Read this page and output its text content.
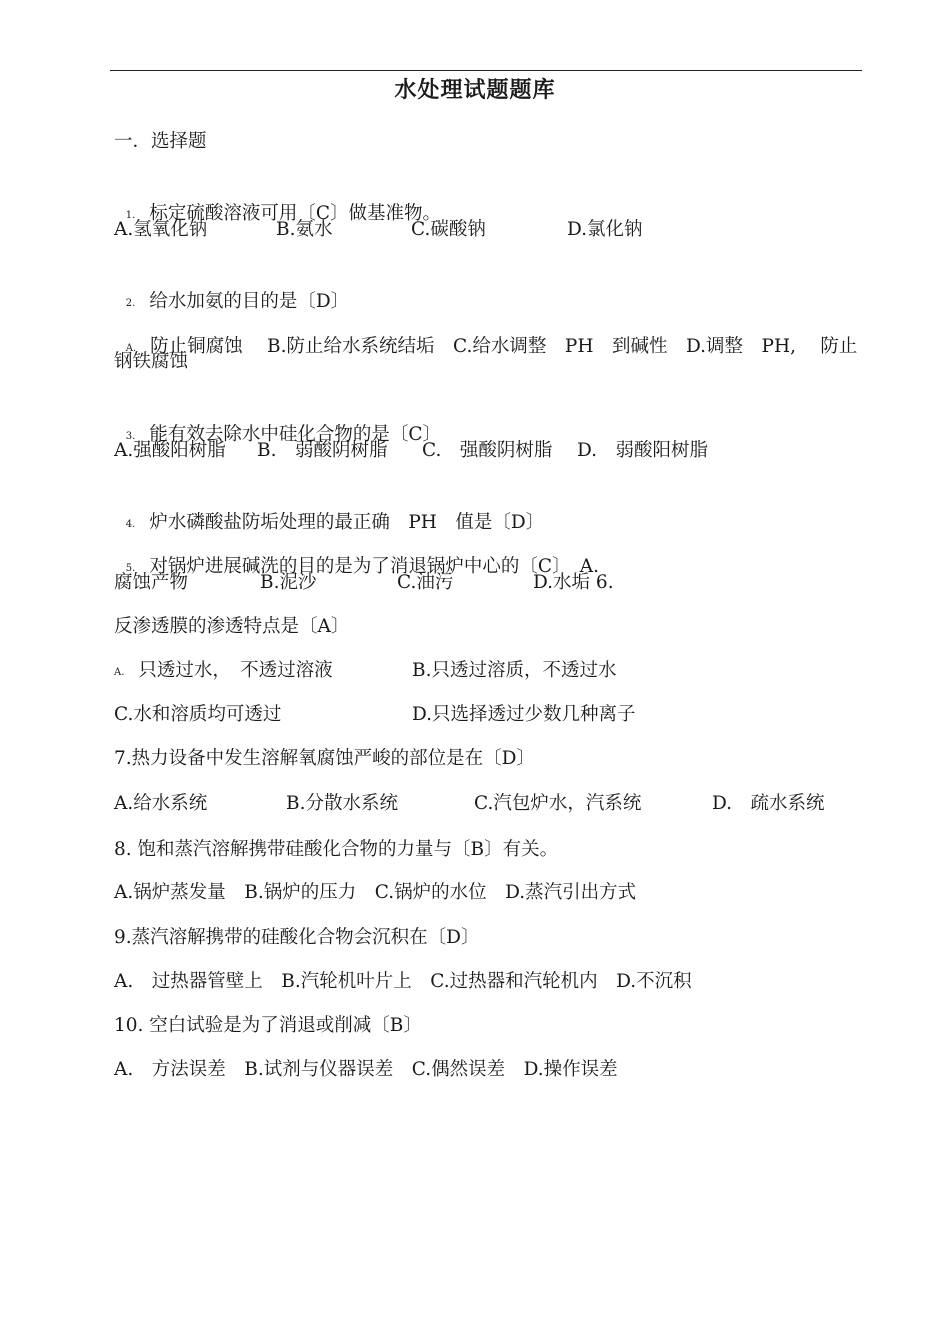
水处理试题题库
一．选择题

1. 标定硫酸溶液可用〔C〕做基准物。

A.氢氧化钠

	B.氨水

	C.碳酸钠

	D.氯化钠

2. 给水加氨的目的是〔D〕

A. 防止铜腐蚀　 B.防止给水系统结垢　C.给水调整　PH　到碱性　D.调整　PH,　 防止

钢铁腐蚀

3. 能有效去除水中硅化合物的是〔C〕

A.强酸阳树脂

B.　弱酸阴树脂

C.　强酸阴树脂

D.　弱酸阳树脂

4. 炉水磷酸盐防垢处理的最正确　PH　值是〔D〕

5. 对锅炉进展碱洗的目的是为了消退锅炉中心的〔C〕　A.

腐蚀产物

	B.泥沙

	C.油污

	D.水垢 6.

反渗透膜的渗透特点是〔A〕

A. 只透过水，　不透过溶液

	B.只透过溶质，不透过水

C.水和溶质均可透过

	D.只选择透过少数几种离子

7.热力设备中发生溶解氧腐蚀严峻的部位是在〔D〕

A.给水系统

	B.分散水系统

	C.汽包炉水，汽系统

	D.　疏水系统

8. 饱和蒸汽溶解携带硅酸化合物的力量与〔B〕有关。
A.锅炉蒸发量　B.锅炉的压力　C.锅炉的水位　D.蒸汽引出方式
9.蒸汽溶解携带的硅酸化合物会沉积在〔D〕
A.　过热器管壁上　B.汽轮机叶片上　C.过热器和汽轮机内　D.不沉积
10. 空白试验是为了消退或削减〔B〕
A.　方法误差　B.试剂与仪器误差　C.偶然误差　D.操作误差
